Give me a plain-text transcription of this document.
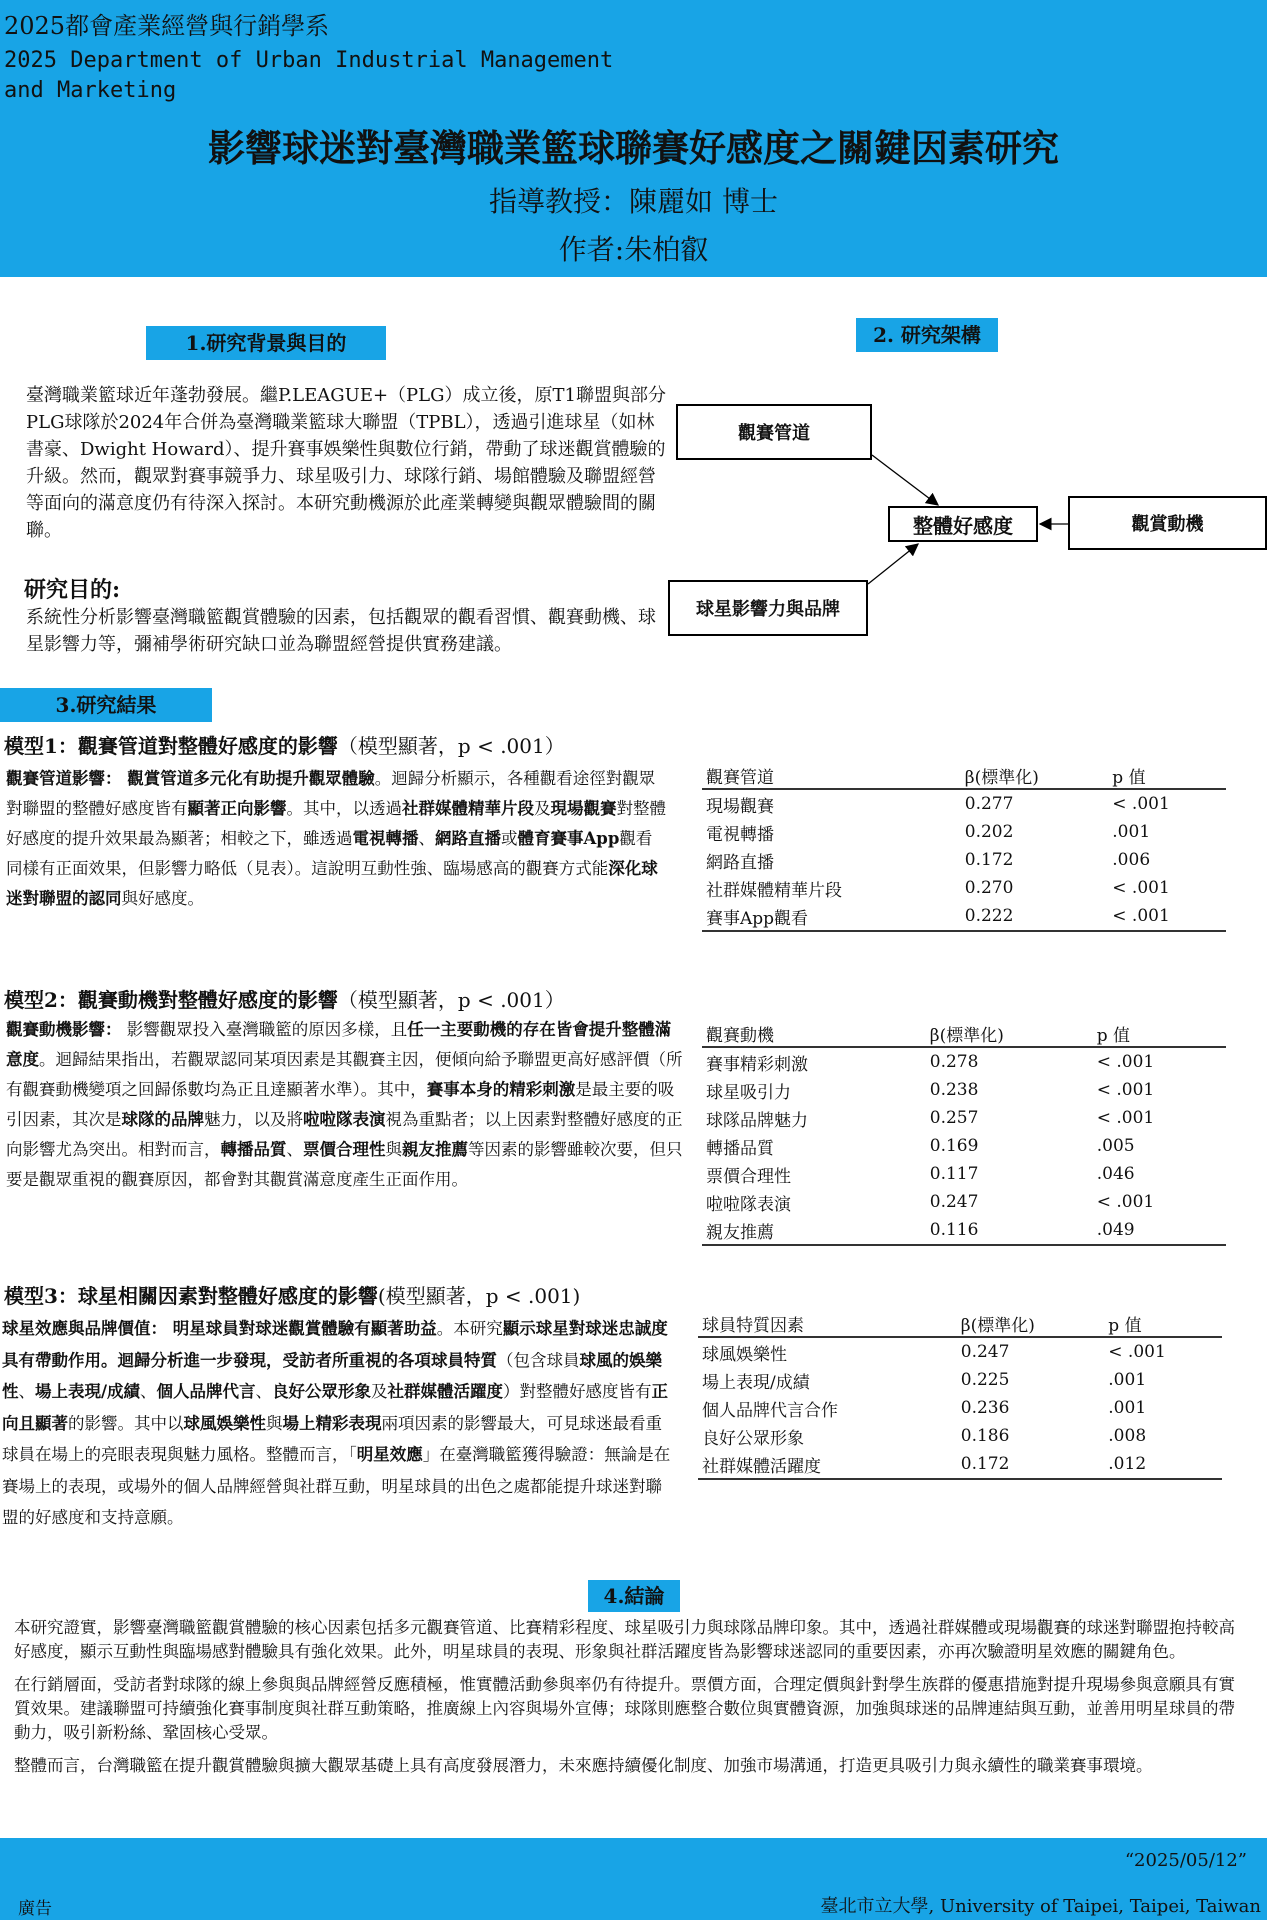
2025都會產業經營與行銷學系
2025 Department of Urban Industrial Management and Marketing
影響球迷對臺灣職業籃球聯賽好感度之關鍵因素研究
指導教授：陳麗如 博士
作者:朱柏叡
1.研究背景與目的
臺灣職業籃球近年蓬勃發展。繼P.LEAGUE+（PLG）成立後，原T1聯盟與部分PLG球隊於2024年合併為臺灣職業籃球大聯盟（TPBL），透過引進球星（如林書豪、Dwight Howard）、提升賽事娛樂性與數位行銷，帶動了球迷觀賞體驗的升級。然而，觀眾對賽事競爭力、球星吸引力、球隊行銷、場館體驗及聯盟經營等面向的滿意度仍有待深入探討。本研究動機源於此產業轉變與觀眾體驗間的關聯。
研究目的:
系統性分析影響臺灣職籃觀賞體驗的因素，包括觀眾的觀看習慣、觀賽動機、球星影響力等，彌補學術研究缺口並為聯盟經營提供實務建議。
2. 研究架構
觀賽管道
球星影響力與品牌
整體好感度	觀賞動機
3.研究結果
模型1：觀賽管道對整體好感度的影響（模型顯著，p < .001）
觀賽管道影響： 觀賞管道多元化有助提升觀眾體驗。迴歸分析顯示，各種觀看途徑對觀眾對聯盟的整體好感度皆有顯著正向影響。其中，以透過社群媒體精華片段及現場觀賽對整體好感度的提升效果最為顯著；相較之下，雖透過電視轉播、網路直播或體育賽事App觀看同樣有正面效果，但影響力略低（見表）。這說明互動性強、臨場感高的觀賽方式能深化球迷對聯盟的認同與好感度。
觀賽管道	β(標準化)	p 值
現場觀賽	0.277	< .001
電視轉播	0.202	.001
網路直播	0.172	.006
社群媒體精華片段	0.270	< .001
賽事App觀看	0.222	< .001
模型2：觀賽動機對整體好感度的影響（模型顯著，p < .001）
觀賽動機影響： 影響觀眾投入臺灣職籃的原因多樣，且任一主要動機的存在皆會提升整體滿意度。迴歸結果指出，若觀眾認同某項因素是其觀賽主因，便傾向給予聯盟更高好感評價（所有觀賽動機變項之回歸係數均為正且達顯著水準）。其中，賽事本身的精彩刺激是最主要的吸引因素，其次是球隊的品牌魅力，以及將啦啦隊表演視為重點者；以上因素對整體好感度的正向影響尤為突出。相對而言，轉播品質、票價合理性與親友推薦等因素的影響雖較次要，但只要是觀眾重視的觀賽原因，都會對其觀賞滿意度產生正面作用。
觀賽動機	β(標準化)	p 值
賽事精彩刺激	0.278	< .001
球星吸引力	0.238	< .001
球隊品牌魅力	0.257	< .001
轉播品質	0.169	.005
票價合理性	0.117	.046
啦啦隊表演	0.247	< .001
親友推薦	0.116	.049
模型3：球星相關因素對整體好感度的影響(模型顯著，p < .001)
球星效應與品牌價值： 明星球員對球迷觀賞體驗有顯著助益。本研究顯示球星對球迷忠誠度具有帶動作用。迴歸分析進一步發現，受訪者所重視的各項球員特質（包含球員球風的娛樂性、場上表現/成績、個人品牌代言、良好公眾形象及社群媒體活躍度）對整體好感度皆有正向且顯著的影響。其中以球風娛樂性與場上精彩表現兩項因素的影響最大，可見球迷最看重球員在場上的亮眼表現與魅力風格。整體而言，「明星效應」在臺灣職籃獲得驗證：無論是在賽場上的表現，或場外的個人品牌經營與社群互動，明星球員的出色之處都能提升球迷對聯盟的好感度和支持意願。
球員特質因素	β(標準化)	p 值
球風娛樂性	0.247	< .001
場上表現/成績	0.225	.001
個人品牌代言合作	0.236	.001
良好公眾形象	0.186	.008
社群媒體活躍度	0.172	.012
4.結論

本研究證實，影響臺灣職籃觀賞體驗的核心因素包括多元觀賽管道、比賽精彩程度、球星吸引力與球隊品牌印象。其中，透過社群媒體或現場觀賽的球迷對聯盟抱持較高好感度，顯示互動性與臨場感對體驗具有強化效果。此外，明星球員的表現、形象與社群活躍度皆為影響球迷認同的重要因素，亦再次驗證明星效應的關鍵角色。

在行銷層面，受訪者對球隊的線上參與與品牌經營反應積極，惟實體活動參與率仍有待提升。票價方面，合理定價與針對學生族群的優惠措施對提升現場參與意願具有實質效果。建議聯盟可持續強化賽事制度與社群互動策略，推廣線上內容與場外宣傳；球隊則應整合數位與實體資源，加強與球迷的品牌連結與互動，並善用明星球員的帶動力，吸引新粉絲、鞏固核心受眾。

整體而言，台灣職籃在提升觀賞體驗與擴大觀眾基礎上具有高度發展潛力，未來應持續優化制度、加強市場溝通，打造更具吸引力與永續性的職業賽事環境。

“2025/05/12”
廣告	臺北市立大學, University of Taipei, Taipei, Taiwan
